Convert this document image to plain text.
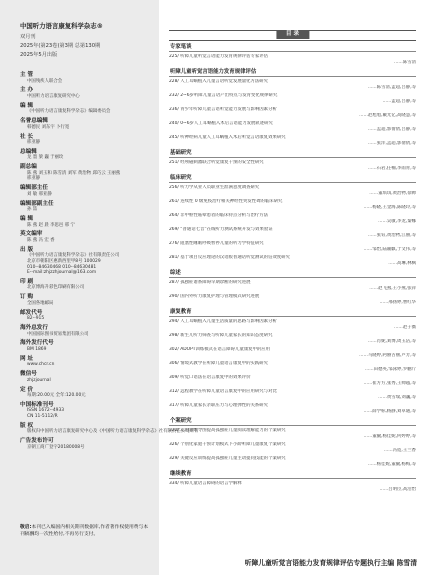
中国听力语言康复科学杂志®
双月刊
2025年(第23卷)第3期 总第130期
2025年5月出版
主 管
中国残疾人联合会
主 办
中国听力语言康复研究中心
编 辑
《中国听力语言康复科学杂志》编辑委员会
名誉总编辑
韩德民 刘东宇 卜行宽
社 长
邢亚静
总编辑
龙 墨 梁 巍 于丽玫
副总编
陈 燕 刘玉和 陈雪清 刘军 黄治物 邱巧云 王丽燕
邢亚静
编辑部主任
刘 敏 邢亚静
编辑部副主任
孙 喆
编 辑
陈 燕 赵 晨 李思邑 邢 宁
英文编审
陈 燕 冯 宏 香
出 版
《中国听力语言康复科学杂志》社有限责任公司
北京市朝阳区惠新西里甲8号 100029
010--84630468 010--84630481
E--mail:zhjzzhjournal@163.com
印 刷
北京博海升彩色印刷有限公司
订 购
全国各地邮局
邮发代号
82--915
海外总发行
中国国际图书贸易集团有限公司
海外发行代号
BM 1869
网 址
www.chcr.cn
微信号
zhjzjournal
定 价
每期:20.00元 全年:120.00元
中国标准刊号
ISSN 1672--4933
CN 11-5112/R
版 权
版权归中国听力语言康复研究中心及《中国听力语言康复科学杂志》社有限责任公司所有
广告发布许可
京朝工商广登字20180008号
敬启:本刊已入编国内相关期刊数据库,作者著作权使用费与本刊稿酬均一次性给付,不再另行支付。
目 录
专家笔谈
225/ 听障儿童听觉言语能力发育规律评估专家评估
……陈雪清
听障儿童听觉言语能力发育规律评估
228/ 人工耳蜗植入儿童言语听觉发展量化方法研究
……陈雪清,孟超,吕静,等
232/ 2~6岁听障儿童言语产出特点与发育变化规律研究
……孟超,吕静,等
236/ 青少年听障儿童言语听觉能力发展与影响因素分析
……赵旭旭,戴光亿,高晓慧,等
240/ 0~6岁人工耳蜗植入术后言语能力发展轨迹研究
……孟超,郭倩倩,吕静,等
245/ 听神经病儿童人工耳蜗植入术后听觉言语康复效果研究
……张洋,孟超,郭倩倩,等
基础研究
251/ 经颅磁刺激联合听觉康复干预的安全性研究
……石岩,任楠,李雨青,等
临床研究
256/ 听力学从业人员职业生涯满意度调查研究
……董琪琪,黄治物,徐帅
261/ 连续性 0 级免疫治疗相关神经性突发性聋的临床研究
……杨晓,王金海,陈晓玲,等
264/ 非中枢性眩晕患者的临床特点分析与治疗方法
……吴敏,李龙,秦娜
269/ “普通话七音”在线听力测试系统开发与效果验证
……张钰,黄治物,江丽,等
276/ 阻塞性睡眠呼吸暂停儿童的听力学特征研究
……邹怡,陆颖麒,于文伟,等
281/ 基于项目反应理论的汉语版普通话听觉测试的信效度研究
……高琳,林枫
综述
287/ 孤独症谱系障碍早期诊断的研究进展
……赵飞燕,王小燕,张萍
290/ 国内外听力康复护理与管理模式研究进展
……邢扬婷,曹红华
康复教育
294/ 人工耳蜗植入儿童生活质量的思路与影响因素分析
……赵子薇
298/ 新生儿听力筛查与听障儿童家长的知识态度研究
……肖妮,刘博,周玉洁,等
302/ ADOPT训练模式在语言障碍儿童康复中的应用
……马晓婷,阿丽古丽,卢芳,等
306/ 情境式教学在听障儿童语言康复中的实践研究
……田德英,邹泳婷,罗鹏斤
309/ 听觉口语法在语言康复中的效果评价
……崔方方,张秀,王帅越,等
312/ 远程教学在听障儿童语言康复中的应用研究与对比
……黄雪瑞,刘巍,等
317/ 听障儿童家长亲职压力与心理弹性的关系研究
……薛学标,杨静,刘卓通,等
个案研究
322/ 运用思维导图提高孤独症儿童阅读理解能力的个案研究
……董毓,杨佳妮,何婷婷,等
326/ 个别化家庭干预计划模式下小龄听障儿童康复个案研究
……冯霓,王兰香
329/ 关键反应训练提高孤独症儿童主动提问技能的个案研究
……杨佳妮,董毓,杨梅,等
继续教育
334/ 听障儿童语言障碍的语言学解释
……吕明臣,高浩怡
听障儿童听觉言语能力发育规律评估专题执行主编 陈雪清
